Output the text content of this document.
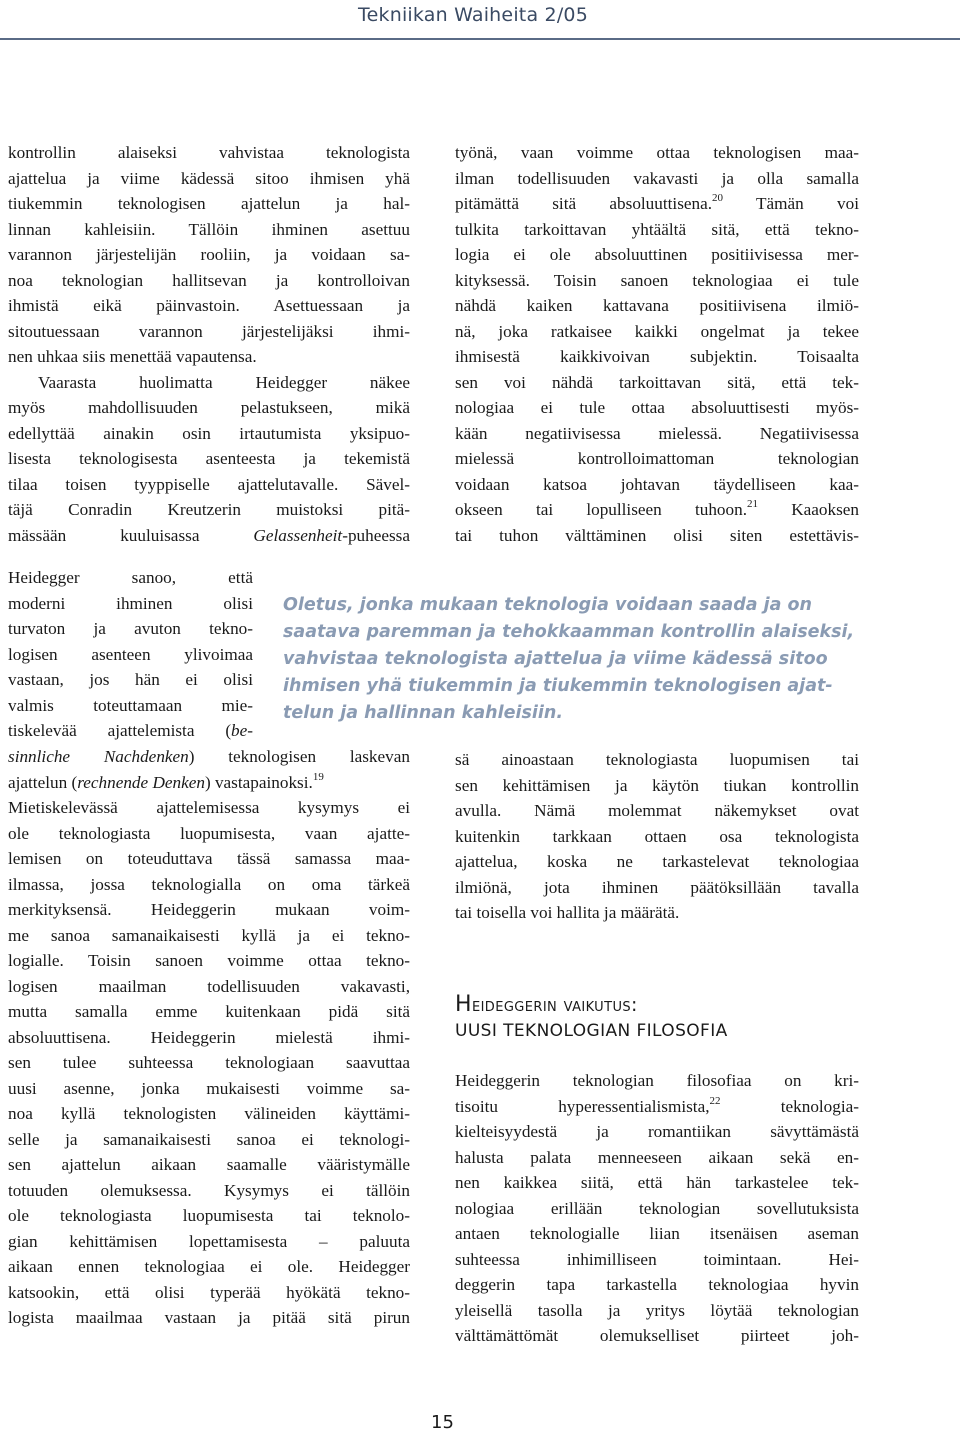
Tekniikan Waiheita 2/05

kontrollin alaiseksi vahvistaa teknologista
ajattelua ja viime kädessä sitoo ihmisen yhä
tiukemmin teknologisen ajattelun ja hal-
linnan kahleisiin. Tällöin ihminen asettuu
varannon järjestelijän rooliin, ja voidaan sa-
noa teknologian hallitsevan ja kontrolloivan
ihmistä eikä päinvastoin. Asettuessaan ja
sitoutuessaan varannon järjestelijäksi ihmi-
nen uhkaa siis menettää vapautensa.

Vaarasta huolimatta Heidegger näkee
myös mahdollisuuden pelastukseen, mikä
edellyttää ainakin osin irtautumista yksipuo-
lisesta teknologisesta asenteesta ja tekemistä
tilaa toisen tyyppiselle ajattelutavalle. Sävel-
täjä Conradin Kreutzerin muistoksi pitä-
mässään kuuluisassa Gelassenheit-puheessa

Heidegger sanoo, että
moderni ihminen olisi
turvaton ja avuton tekno-
logisen asenteen ylivoimaa
vastaan, jos hän ei olisi
valmis toteuttamaan mie-
tiskelevää ajattelemista (be-
sinnliche Nachdenken) teknologisen laskevan
ajattelun (rechnende Denken) vastapainoksi.$^{19}$
Mietiskelevässä ajattelemisessa kysymys ei
ole teknologiasta luopumisesta, vaan ajatte-
lemisen on toteuduttava tässä samassa maa-
ilmassa, jossa teknologialla on oma tärkeä
merkityksensä. Heideggerin mukaan voim-
me sanoa samanaikaisesti kyllä ja ei tekno-
logialle. Toisin sanoen voimme ottaa tekno-
logisen maailman todellisuuden vakavasti,
mutta samalla emme kuitenkaan pidä sitä
absoluuttisena. Heideggerin mielestä ihmi-
sen tulee suhteessa teknologiaan saavuttaa
uusi asenne, jonka mukaisesti voimme sa-
noa kyllä teknologisten välineiden käyttämi-
selle ja samanaikaisesti sanoa ei teknologi-
sen ajattelun aikaan saamalle vääristymälle
totuuden olemuksessa. Kysymys ei tällöin
ole teknologiasta luopumisesta tai teknolo-
gian kehittämisen lopettamisesta – paluuta
aikaan ennen teknologiaa ei ole. Heidegger
katsookin, että olisi typerää hyökätä tekno-
logista maailmaa vastaan ja pitää sitä pirun
työnä, vaan voimme ottaa teknologisen maa-
ilman todellisuuden vakavasti ja olla samalla
pitämättä sitä absoluuttisena.$^{20}$ Tämän voi
tulkita tarkoittavan yhtäältä sitä, että tekno-
logia ei ole absoluuttinen positiivisessa mer-
kityksessä. Toisin sanoen teknologiaa ei tule
nähdä kaiken kattavana positiivisena ilmiö-
nä, joka ratkaisee kaikki ongelmat ja tekee
ihmisestä kaikkivoivan subjektin. Toisaalta
sen voi nähdä tarkoittavan sitä, että tek-
nologiaa ei tule ottaa absoluuttisesti myös-
kään negatiivisessa mielessä. Negatiivisessa
mielessä kontrolloimattoman teknologian
voidaan katsoa johtavan täydelliseen kaa-
okseen tai lopulliseen tuhoon.$^{21}$ Kaaoksen
tai tuhon välttäminen olisi siten estettävis-
Oletus, jonka mukaan teknologia voidaan saada ja on
saatava paremman ja tehokkaamman kontrollin alaiseksi,
vahvistaa teknologista ajattelua ja viime kädessä sitoo
ihmisen yhä tiukemmin ja tiukemmin teknologisen ajat-
telun ja hallinnan kahleisiin.
sä ainoastaan teknologiasta luopumisen tai
sen kehittämisen ja käytön tiukan kontrollin
avulla. Nämä molemmat näkemykset ovat
kuitenkin tarkkaan ottaen osa teknologista
ajattelua, koska ne tarkastelevat teknologiaa
ilmiönä, jota ihminen päätöksillään tavalla
tai toisella voi hallita ja määrätä.
Heideggerin vaikutus:
UUSI TEKNOLOGIAN FILOSOFIA
Heideggerin teknologian filosofiaa on kri-
tisoitu hyperessentialismista,$^{22}$ teknologia-
kielteisyydestä ja romantiikan sävyttämästä
halusta palata menneeseen aikaan sekä en-
nen kaikkea siitä, että hän tarkastelee tek-
nologiaa erillään teknologian sovellutuksista
antaen teknologialle liian itsenäisen aseman
suhteessa inhimilliseen toimintaan. Hei-
deggerin tapa tarkastella teknologiaa hyvin
yleisellä tasolla ja yritys löytää teknologian
välttämättömät olemukselliset piirteet joh-
15
